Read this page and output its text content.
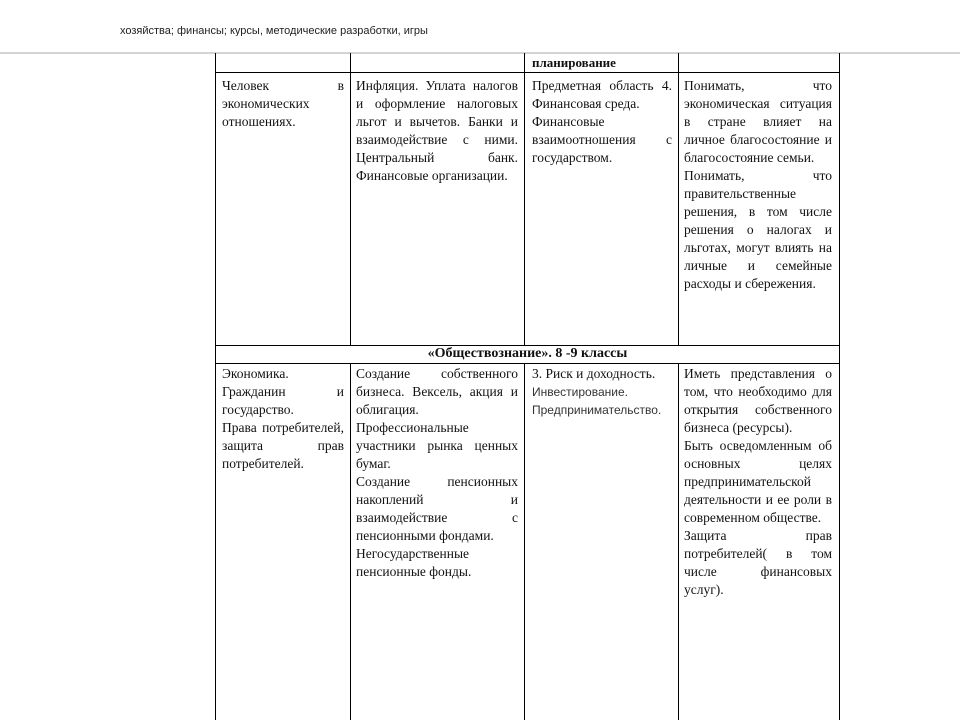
хозяйства; финансы; курсы, методические разработки, игры
планирование

Человек в экономических отношениях.

Инфляция. Уплата налогов и оформление налоговых льгот и вычетов. Банки и взаимодействие с ними. Центральный банк. Финансовые организации.

Предметная область 4. Финансовая среда.

Финансовые взаимоотношения с государством.

Понимать, что экономическая ситуация в стране влияет на личное благосостояние и благосостояние семьи.

Понимать, что правительственные решения, в том числе решения о налогах и льготах, могут влиять на личные и семейные расходы и сбережения.

«Обществознание». 8 -9 классы

Экономика. Гражданин и государство.

Права потребителей, защита прав потребителей.

Создание собственного бизнеса. Вексель, акция и облигация. Профессиональные участники рынка ценных бумаг.

Создание пенсионных накоплений и взаимодействие с пенсионными фондами.

Негосударственные пенсионные фонды.

3. Риск и доходность.

Инвестирование.

Предпринимательство.

Иметь представления о том, что необходимо для открытия собственного бизнеса (ресурсы).

Быть осведомленным об основных целях предпринимательской деятельности и ее роли в современном обществе.

Защита прав потребителей( в том числе финансовых услуг).
